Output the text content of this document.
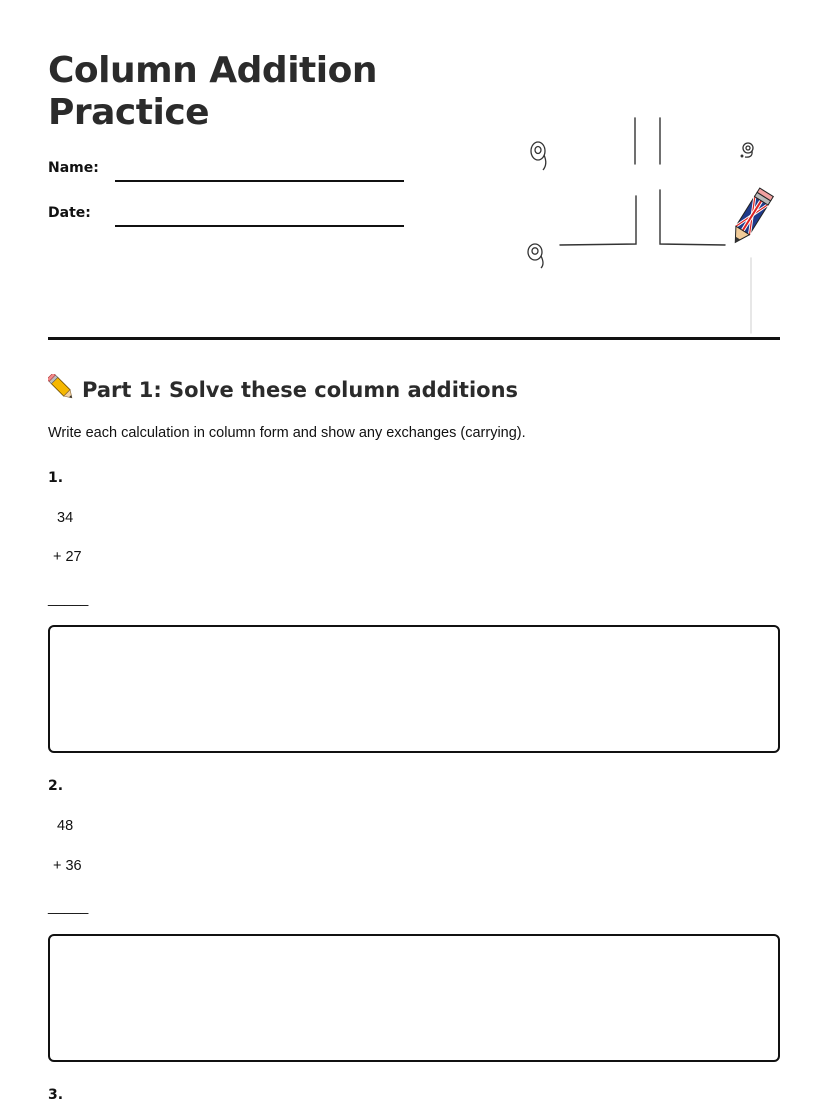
Column Addition Practice
Name:
Date:
Part 1: Solve these column additions
Write each calculation in column form and show any exchanges (carrying).
1.
34
+ 27
_____
2.
48
+ 36
_____
3.
